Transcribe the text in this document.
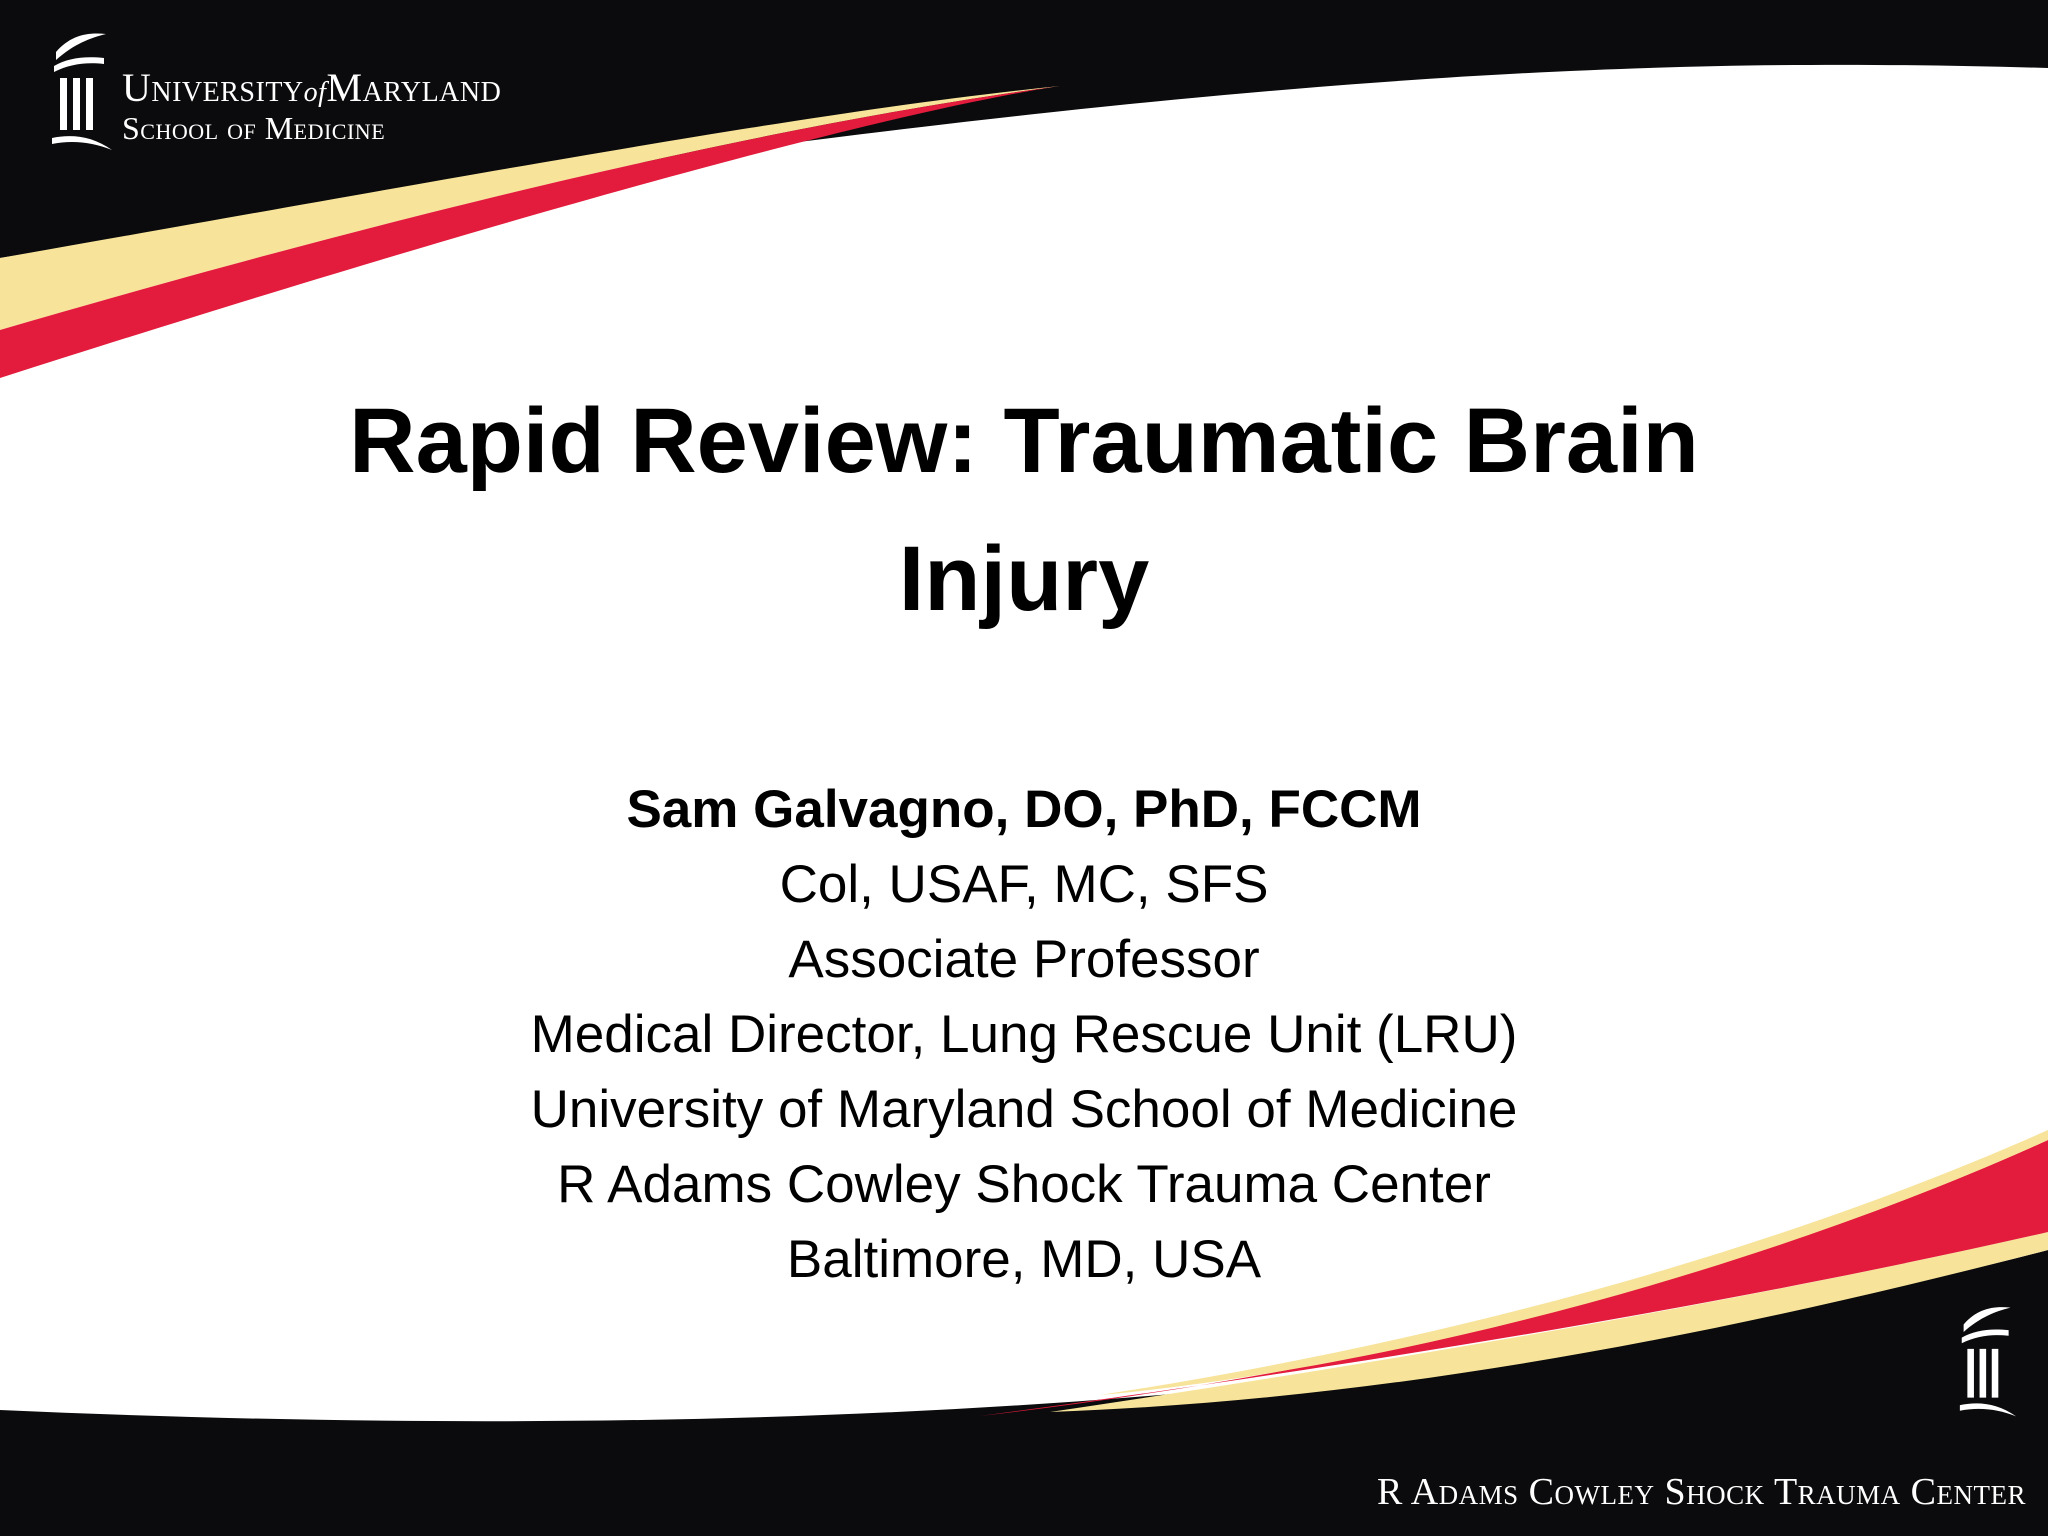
UniversityofMaryland
School of Medicine
Rapid Review: Traumatic Brain
Injury
Sam Galvagno, DO, PhD, FCCM
Col, USAF, MC, SFS
Associate Professor
Medical Director, Lung Rescue Unit (LRU)
University of Maryland School of Medicine
R Adams Cowley Shock Trauma Center
Baltimore, MD, USA
R Adams Cowley Shock Trauma Center
